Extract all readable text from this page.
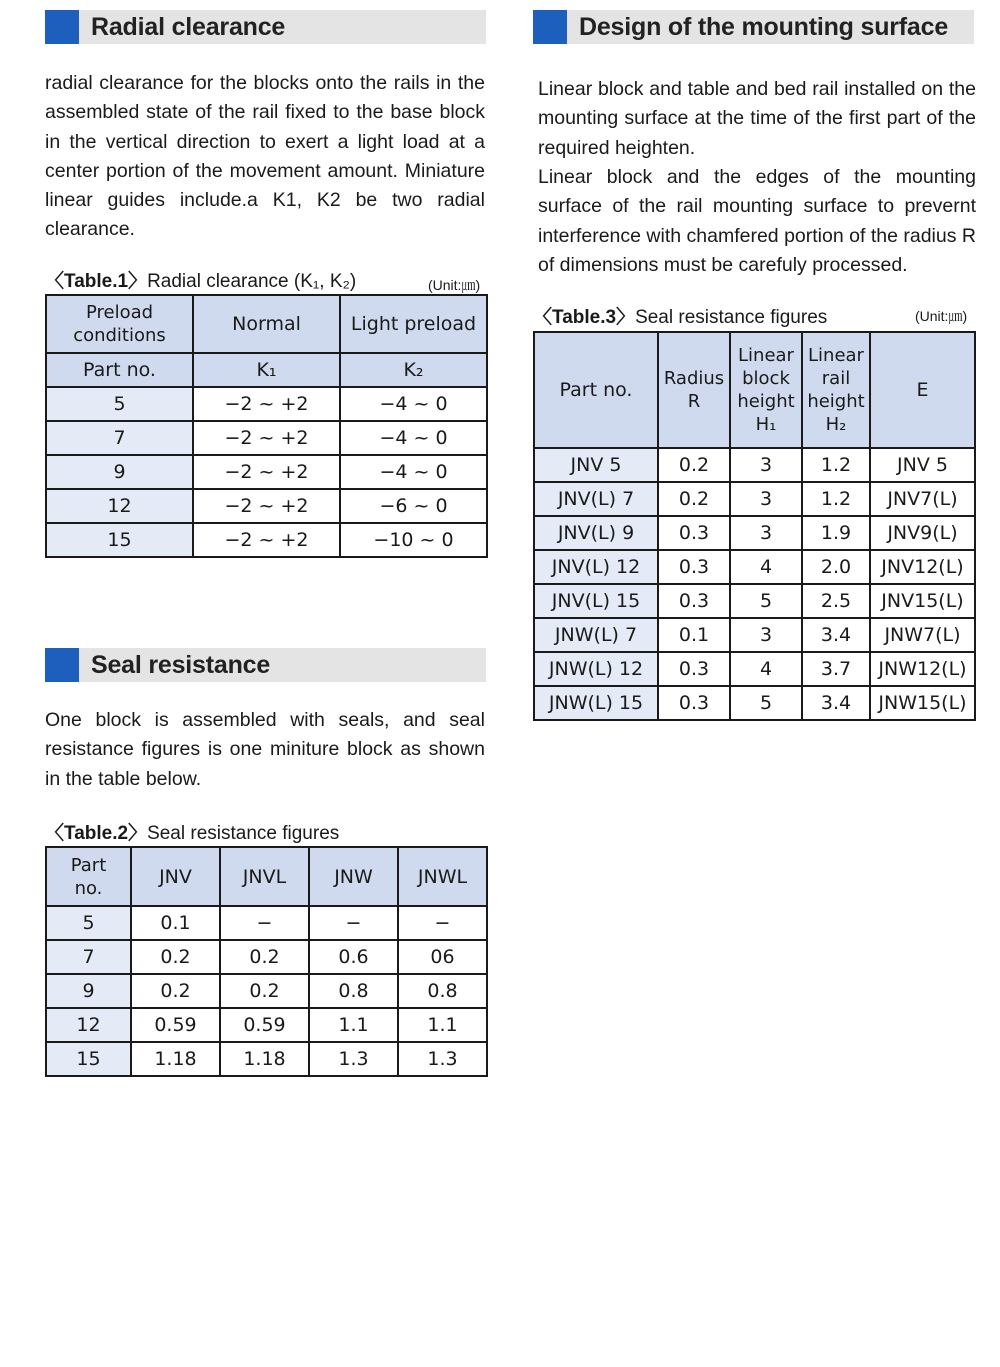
Radial clearance

radial clearance for the blocks onto the rails in the assembled state of the rail fixed to the base block in the vertical direction to exert a light load at a center portion of the movement amount. Miniature linear guides include.a K1, K2 be two radial clearance.

〈Table.1〉Radial clearance (K₁, K₂)	(Unit:㎛)
Preload conditions	Normal	Light preload
Part no.	K₁	K₂
5	−2 ~ +2	−4 ~ 0
7	−2 ~ +2	−4 ~ 0
9	−2 ~ +2	−4 ~ 0
12	−2 ~ +2	−6 ~ 0
15	−2 ~ +2	−10 ~ 0
Seal resistance

One block is assembled with seals, and seal resistance figures is one miniture block as shown in the table below.

〈Table.2〉Seal resistance figures
Part no.	JNV	JNVL	JNW	JNWL
5	0.1	−	−	−
7	0.2	0.2	0.6	06
9	0.2	0.2	0.8	0.8
12	0.59	0.59	1.1	1.1
15	1.18	1.18	1.3	1.3
Design of the mounting surface

Linear block and table and bed rail installed on the mounting surface at the time of the first part of the required heighten.

Linear block and the edges of the mounting surface of the rail mounting surface to prevernt interference with chamfered portion of the radius R of dimensions must be carefuly processed.

〈Table.3〉Seal resistance figures	(Unit:㎛)
Part no.	Radius R	Linear block height H₁	Linear rail height H₂	E
JNV 5	0.2	3	1.2	JNV 5
JNV(L) 7	0.2	3	1.2	JNV7(L)
JNV(L) 9	0.3	3	1.9	JNV9(L)
JNV(L) 12	0.3	4	2.0	JNV12(L)
JNV(L) 15	0.3	5	2.5	JNV15(L)
JNW(L) 7	0.1	3	3.4	JNW7(L)
JNW(L) 12	0.3	4	3.7	JNW12(L)
JNW(L) 15	0.3	5	3.4	JNW15(L)
